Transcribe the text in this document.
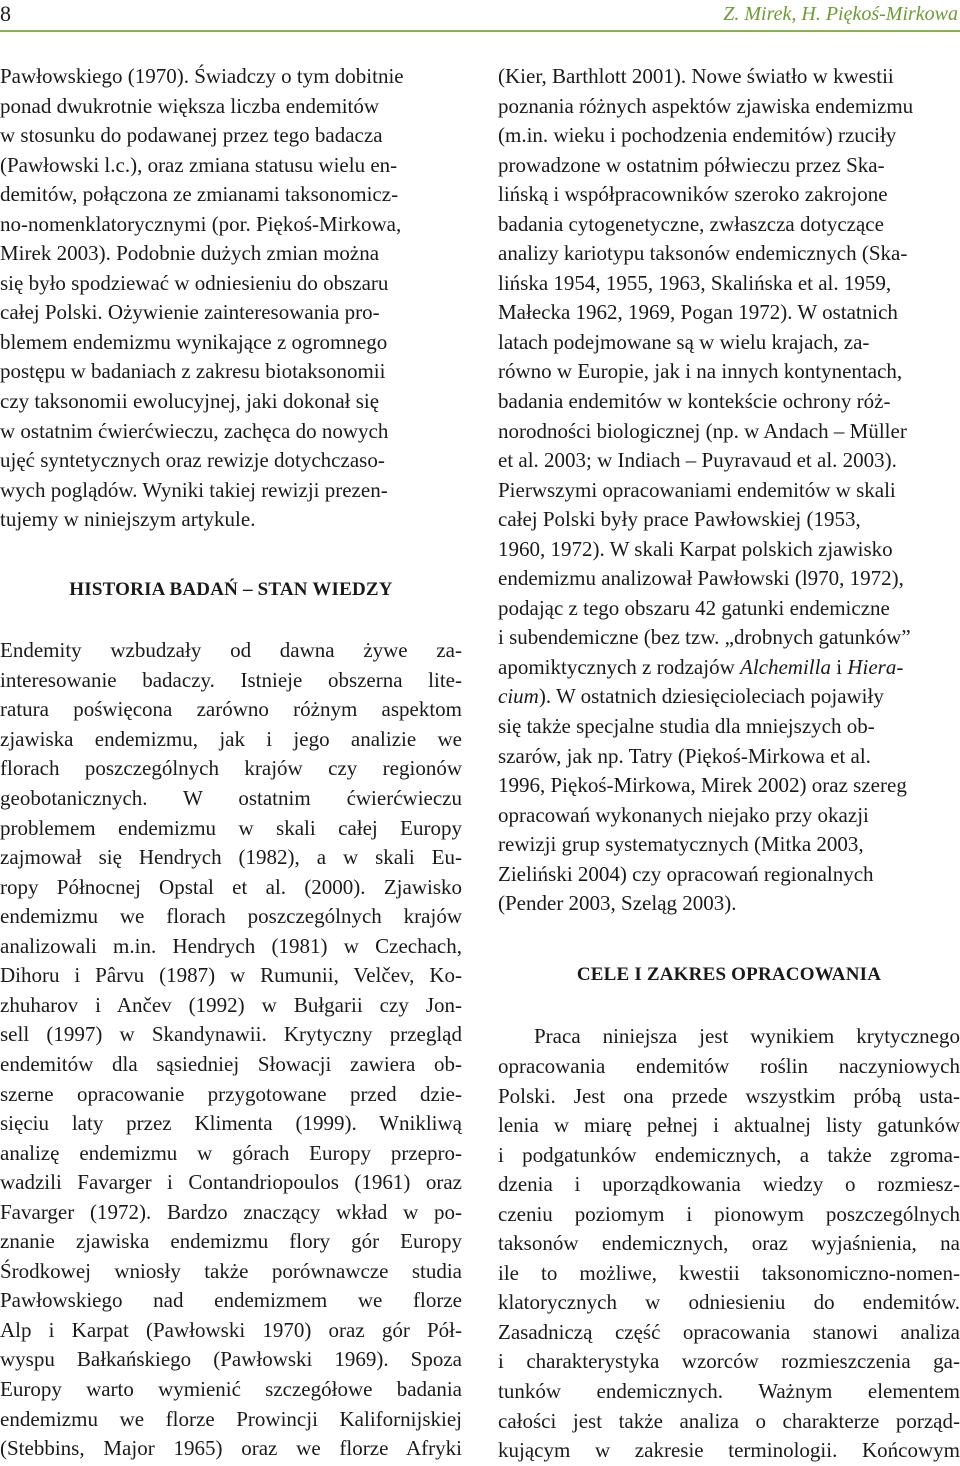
8	Z. Mirek, H. Piękoś-Mirkowa

Pawłowskiego (1970). Świadczy o tym dobitnie
ponad dwukrotnie większa liczba endemitów
w stosunku do podawanej przez tego badacza
(Pawłowski l.c.), oraz zmiana statusu wielu en-
demitów, połączona ze zmianami taksonomicz-
no-nomenklatorycznymi (por. Piękoś-Mirkowa,
Mirek 2003). Podobnie dużych zmian można
się było spodziewać w odniesieniu do obszaru
całej Polski. Ożywienie zainteresowania pro-
blemem endemizmu wynikające z ogromnego
postępu w badaniach z zakresu biotaksonomii
czy taksonomii ewolucyjnej, jaki dokonał się
w ostatnim ćwierćwieczu, zachęca do nowych
ujęć syntetycznych oraz rewizje dotychczaso-
wych poglądów. Wyniki takiej rewizji prezen-
tujemy w niniejszym artykule.

HISTORIA BADAŃ – STAN WIEDZY

Endemity wzbudzały od dawna żywe za-
interesowanie badaczy. Istnieje obszerna lite-
ratura poświęcona zarówno różnym aspektom
zjawiska endemizmu, jak i jego analizie we
florach poszczególnych krajów czy regionów
geobotanicznych. W ostatnim ćwierćwieczu
problemem endemizmu w skali całej Europy
zajmował się Hendrych (1982), a w skali Eu-
ropy Północnej Opstal et al. (2000). Zjawisko
endemizmu we florach poszczególnych krajów
analizowali m.in. Hendrych (1981) w Czechach,
Dihoru i Pârvu (1987) w Rumunii, Velčev, Ko-
zhuharov i Ančev (1992) w Bułgarii czy Jon-
sell (1997) w Skandynawii. Krytyczny przegląd
endemitów dla sąsiedniej Słowacji zawiera ob-
szerne opracowanie przygotowane przed dzie-
sięciu laty przez Klimenta (1999). Wnikliwą
analizę endemizmu w górach Europy przepro-
wadzili Favarger i Contandriopoulos (1961) oraz
Favarger (1972). Bardzo znaczący wkład w po-
znanie zjawiska endemizmu flory gór Europy
Środkowej wniosły także porównawcze studia
Pawłowskiego nad endemizmem we florze
Alp i Karpat (Pawłowski 1970) oraz gór Pół-
wyspu Bałkańskiego (Pawłowski 1969). Spoza
Europy warto wymienić szczegółowe badania
endemizmu we florze Prowincji Kalifornijskiej
(Stebbins, Major 1965) oraz we florze Afryki

(Kier, Barthlott 2001). Nowe światło w kwestii
poznania różnych aspektów zjawiska endemizmu
(m.in. wieku i pochodzenia endemitów) rzuciły
prowadzone w ostatnim półwieczu przez Ska-
lińską i współpracowników szeroko zakrojone
badania cytogenetyczne, zwłaszcza dotyczące
analizy kariotypu taksonów endemicznych (Ska-
lińska 1954, 1955, 1963, Skalińska et al. 1959,
Małecka 1962, 1969, Pogan 1972). W ostatnich
latach podejmowane są w wielu krajach, za-
równo w Europie, jak i na innych kontynentach,
badania endemitów w kontekście ochrony róż-
norodności biologicznej (np. w Andach – Müller
et al. 2003; w Indiach – Puyravaud et al. 2003).
Pierwszymi opracowaniami endemitów w skali
całej Polski były prace Pawłowskiej (1953,
1960, 1972). W skali Karpat polskich zjawisko
endemizmu analizował Pawłowski (l970, 1972),
podając z tego obszaru 42 gatunki endemiczne
i subendemiczne (bez tzw. „drobnych gatunków”
apomiktycznych z rodzajów Alchemilla i Hiera-
cium). W ostatnich dziesięcioleciach pojawiły
się także specjalne studia dla mniejszych ob-
szarów, jak np. Tatry (Piękoś-Mirkowa et al.
1996, Piękoś-Mirkowa, Mirek 2002) oraz szereg
opracowań wykonanych niejako przy okazji
rewizji grup systematycznych (Mitka 2003,
Zieliński 2004) czy opracowań regionalnych
(Pender 2003, Szeląg 2003).

CELE I ZAKRES OPRACOWANIA

Praca niniejsza jest wynikiem krytycznego
opracowania endemitów roślin naczyniowych
Polski. Jest ona przede wszystkim próbą usta-
lenia w miarę pełnej i aktualnej listy gatunków
i podgatunków endemicznych, a także zgroma-
dzenia i uporządkowania wiedzy o rozmiesz-
czeniu poziomym i pionowym poszczególnych
taksonów endemicznych, oraz wyjaśnienia, na
ile to możliwe, kwestii taksonomiczno-nomen-
klatorycznych w odniesieniu do endemitów.
Zasadniczą część opracowania stanowi analiza
i charakterystyka wzorców rozmieszczenia ga-
tunków endemicznych. Ważnym elementem
całości jest także analiza o charakterze porząd-
kującym w zakresie terminologii. Końcowym
